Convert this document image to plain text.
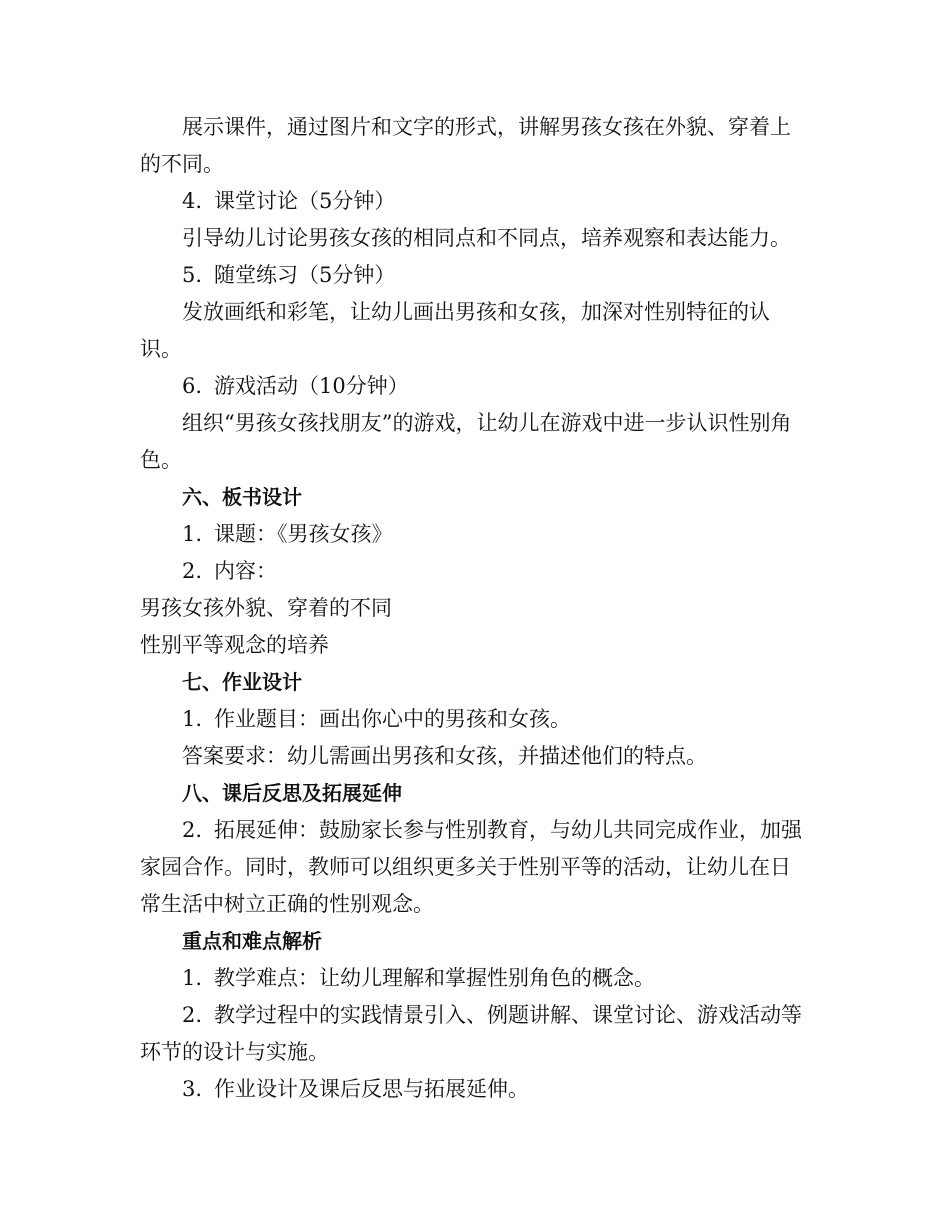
展示课件，通过图片和文字的形式，讲解男孩女孩在外貌、穿着上的不同。

4. 课堂讨论（5分钟）

引导幼儿讨论男孩女孩的相同点和不同点，培养观察和表达能力。

5. 随堂练习（5分钟）

发放画纸和彩笔，让幼儿画出男孩和女孩，加深对性别特征的认识。

6. 游戏活动（10分钟）

组织“男孩女孩找朋友”的游戏，让幼儿在游戏中进一步认识性别角色。

六、板书设计

1. 课题：《男孩女孩》

2. 内容：

男孩女孩外貌、穿着的不同

性别平等观念的培养

七、作业设计

1. 作业题目：画出你心中的男孩和女孩。

答案要求：幼儿需画出男孩和女孩，并描述他们的特点。

八、课后反思及拓展延伸

2. 拓展延伸：鼓励家长参与性别教育，与幼儿共同完成作业，加强家园合作。同时，教师可以组织更多关于性别平等的活动，让幼儿在日常生活中树立正确的性别观念。

重点和难点解析

1. 教学难点：让幼儿理解和掌握性别角色的概念。

2. 教学过程中的实践情景引入、例题讲解、课堂讨论、游戏活动等环节的设计与实施。

3. 作业设计及课后反思与拓展延伸。
